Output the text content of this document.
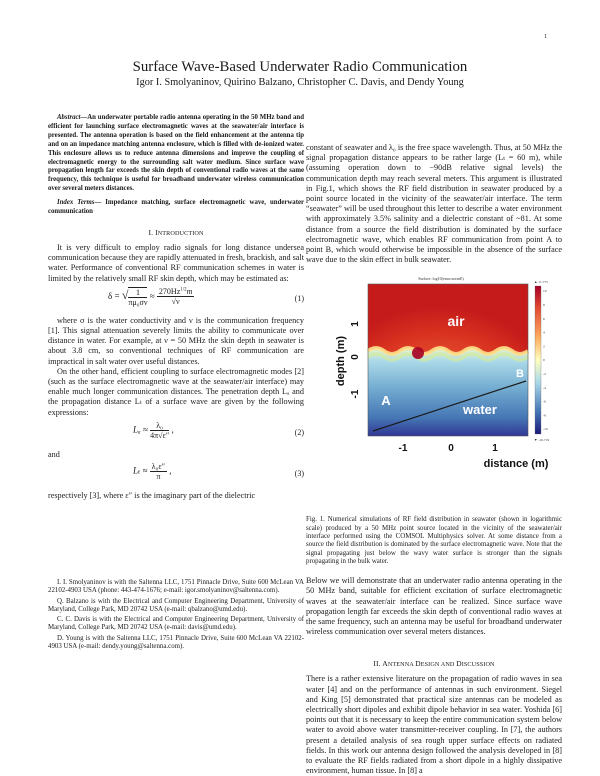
1
Surface Wave-Based Underwater Radio Communication
Igor I. Smolyaninov, Quirino Balzano, Christopher C. Davis, and Dendy Young

Abstract—An underwater portable radio antenna operating in the 50 MHz band and efficient for launching surface electromagnetic waves at the seawater/air interface is presented. The antenna operation is based on the field enhancement at the antenna tip and on an impedance matching antenna enclosure, which is filled with de-ionized water. This enclosure allows us to reduce antenna dimensions and improve the coupling of electromagnetic energy to the surrounding salt water medium. Since surface wave propagation length far exceeds the skin depth of conventional radio waves at the same frequency, this technique is useful for broadband underwater wireless communication over several meters distances.

Index Terms— Impedance matching, surface electromagnetic wave, underwater communication

I. INTRODUCTION

It is very difficult to employ radio signals for long distance undersea communication because they are rapidly attenuated in fresh, brackish, and salt water. Performance of conventional RF communication schemes in water is limited by the relatively small RF skin depth, which may be estimated as:

δ = √ $\frac{1}{\text{πμ₀σν}} \approx \frac{270Hz^{1/2}m}{√\nu}$	(1)

where σ is the water conductivity and ν is the communication frequency [1]. This signal attenuation severely limits the ability to communicate over distance in water. For example, at ν = 50 MHz the skin depth in seawater is about 3.8 cm, so conventional techniques of RF communication are impractical in salt water over useful distances.

On the other hand, efficient coupling to surface electromagnetic modes [2] (such as the surface electromagnetic wave at the seawater/air interface) may enable much longer communication distances. The penetration depth Lₐ and the propagation distance Lₜ of a surface wave are given by the following expressions:

$L_a \approx \frac{\text{λ₀}}{4\pi√\varepsilon''}$ ,	(2)
and
$L_t \approx \frac{\text{λ₀ε″}}{\pi}$ ,	(3)

respectively [3], where ε″ is the imaginary part of the dielectric

I. I. Smolyaninov is with the Saltenna LLC, 1751 Pinnacle Drive, Suite 600 McLean VA 22102-4903 USA (phone: 443-474-1676; e-mail: igor.smolyaninov@saltenna.com).

Q. Balzano is with the Electrical and Computer Engineering Department, University of Maryland, College Park, MD 20742 USA (e-mail: qbalzano@umd.edu).

C. C. Davis is with the Electrical and Computer Engineering Department, University of Maryland, College Park, MD 20742 USA (e-mail: davis@umd.edu).

D. Young is with the Saltenna LLC, 1751 Pinnacle Drive, Suite 600 McLean VA 22102-4903 USA (e-mail: dendy.young@saltenna.com).

constant of seawater and λ₀ is the free space wavelength. Thus, at 50 MHz the signal propagation distance appears to be rather large (Lₜ = 60 m), while (assuming operation down to −90dB relative signal levels) the communication depth may reach several meters. This argument is illustrated in Fig.1, which shows the RF field distribution in seawater produced by a point source located in the vicinity of the seawater/air interface. The term “seawater” will be used throughout this letter to describe a water environment with approximately 3.5% salinity and a dielectric constant of ~81. At some distance from a source the field distribution is dominated by the surface electromagnetic wave, which enables RF communication from point A to point B, which would otherwise be impossible in the absence of the surface wave due to the skin effect in bulk seawater.

Surface: log10(emw.normE)
air
water
A
B
depth (m)
1
0
-1
-1	0	1
distance (m)
▲ 11.775
10
8
6
4
2
0
-2
-4
-6
-8
-10
▼ -10.719

Fig. 1. Numerical simulations of RF field distribution in seawater (shown in logarithmic scale) produced by a 50 MHz point source located in the vicinity of the seawater/air interface performed using the COMSOL Multiphysics solver. At some distance from a source the field distribution is dominated by the surface electromagnetic wave. Note that the signal propagating just below the wavy water surface is stronger than the signals propagating in the bulk water.

Below we will demonstrate that an underwater radio antenna operating in the 50 MHz band, suitable for efficient excitation of surface electromagnetic waves at the seawater/air interface can be realized. Since surface wave propagation length far exceeds the skin depth of conventional radio waves at the same frequency, such an antenna may be useful for broadband underwater wireless communication over several meters distances.

II. ANTENNA DESIGN AND DISCUSSION

There is a rather extensive literature on the propagation of radio waves in sea water [4] and on the performance of antennas in such environment. Siegel and King [5] demonstrated that practical size antennas can be modeled as electrically short dipoles and exhibit dipole behavior in sea water. Yoshida [6] points out that it is necessary to keep the entire communication system below water to avoid above water transmitter-receiver coupling. In [7], the authors present a detailed analysis of sea rough upper surface effects on radiated fields. In this work our antenna design followed the analysis developed in [8] to evaluate the RF fields radiated from a short dipole in a highly dissipative environment, human tissue. In [8] a
